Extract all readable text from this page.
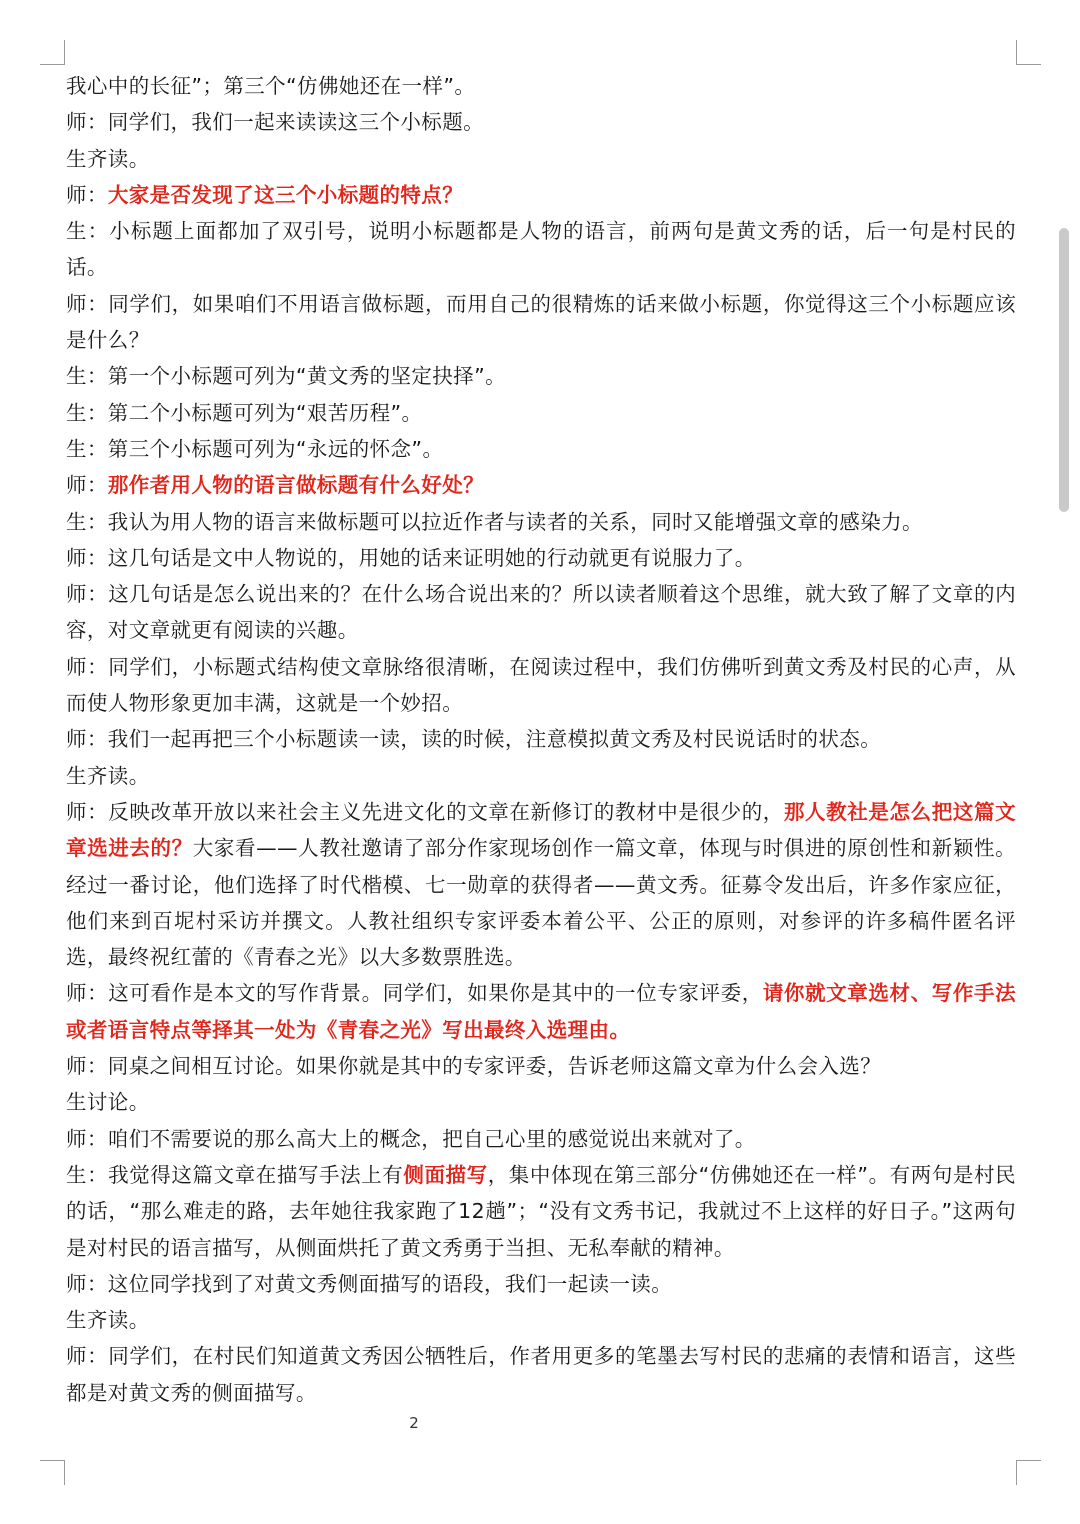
我心中的长征”；第三个“仿佛她还在一样”。

师：同学们，我们一起来读读这三个小标题。

生齐读。

师：大家是否发现了这三个小标题的特点？

生：小标题上面都加了双引号，说明小标题都是人物的语言，前两句是黄文秀的话，后一句是村民的话。

师：同学们，如果咱们不用语言做标题，而用自己的很精炼的话来做小标题，你觉得这三个小标题应该是什么？

生：第一个小标题可列为“黄文秀的坚定抉择”。

生：第二个小标题可列为“艰苦历程”。

生：第三个小标题可列为“永远的怀念”。

师：那作者用人物的语言做标题有什么好处？

生：我认为用人物的语言来做标题可以拉近作者与读者的关系，同时又能增强文章的感染力。

师：这几句话是文中人物说的，用她的话来证明她的行动就更有说服力了。

师：这几句话是怎么说出来的？在什么场合说出来的？所以读者顺着这个思维，就大致了解了文章的内容，对文章就更有阅读的兴趣。

师：同学们，小标题式结构使文章脉络很清晰，在阅读过程中，我们仿佛听到黄文秀及村民的心声，从而使人物形象更加丰满，这就是一个妙招。

师：我们一起再把三个小标题读一读，读的时候，注意模拟黄文秀及村民说话时的状态。

生齐读。

师：反映改革开放以来社会主义先进文化的文章在新修订的教材中是很少的，那人教社是怎么把这篇文章选进去的？大家看——人教社邀请了部分作家现场创作一篇文章，体现与时俱进的原创性和新颖性。经过一番讨论，他们选择了时代楷模、七一勋章的获得者——黄文秀。征募令发出后，许多作家应征，他们来到百坭村采访并撰文。人教社组织专家评委本着公平、公正的原则，对参评的许多稿件匿名评选，最终祝红蕾的《青春之光》以大多数票胜选。

师：这可看作是本文的写作背景。同学们，如果你是其中的一位专家评委，请你就文章选材、写作手法或者语言特点等择其一处为《青春之光》写出最终入选理由。

师：同桌之间相互讨论。如果你就是其中的专家评委，告诉老师这篇文章为什么会入选？

生讨论。

师：咱们不需要说的那么高大上的概念，把自己心里的感觉说出来就对了。

生：我觉得这篇文章在描写手法上有侧面描写，集中体现在第三部分“仿佛她还在一样”。有两句是村民的话，“那么难走的路，去年她往我家跑了12趟”；“没有文秀书记，我就过不上这样的好日子。”这两句是对村民的语言描写，从侧面烘托了黄文秀勇于当担、无私奉献的精神。

师：这位同学找到了对黄文秀侧面描写的语段，我们一起读一读。

生齐读。

师：同学们，在村民们知道黄文秀因公牺牲后，作者用更多的笔墨去写村民的悲痛的表情和语言，这些都是对黄文秀的侧面描写。

2
